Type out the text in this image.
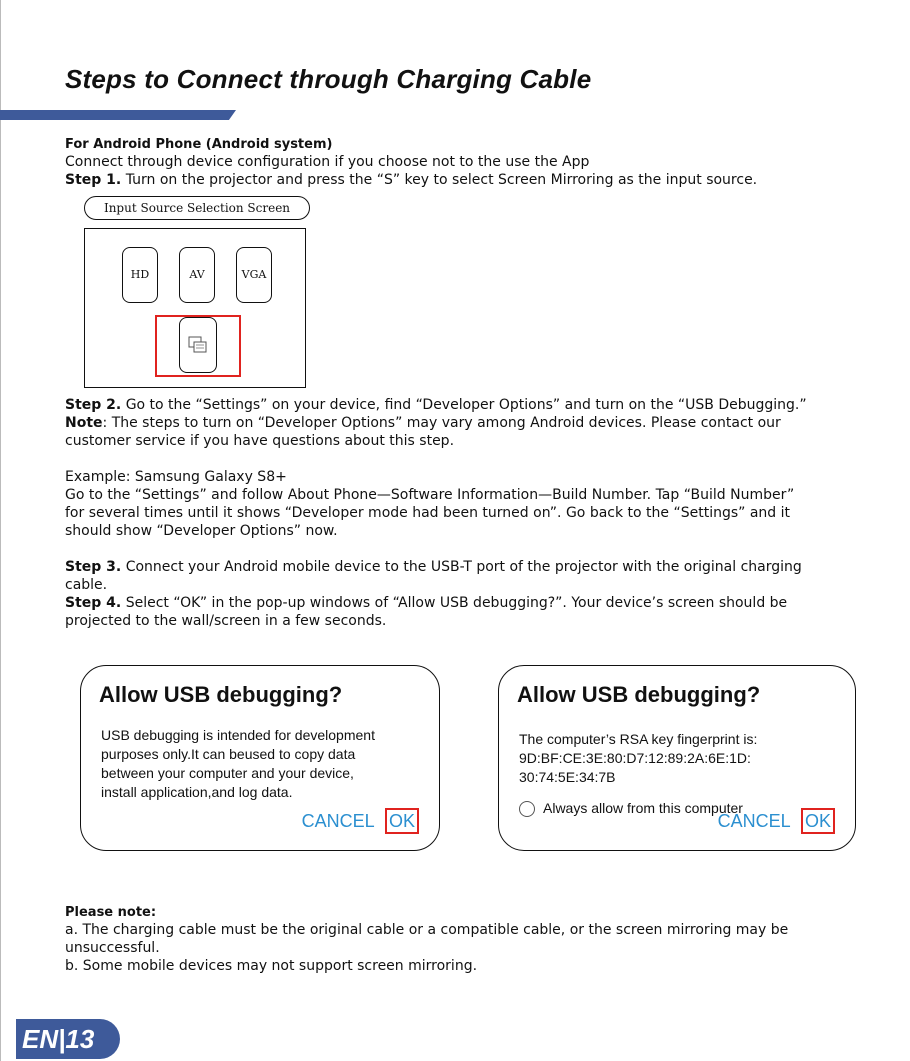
Steps to Connect through Charging Cable
For Android Phone (Android system)
Connect through device configuration if you choose not to the use the App
Step 1. Turn on the projector and press the “S” key to select Screen Mirroring as the input source.
Input Source Selection Screen
HD	AV	VGA
Step 2. Go to the “Settings” on your device, find “Developer Options” and turn on the “USB Debugging.”
Note: The steps to turn on “Developer Options” may vary among Android devices. Please contact our
customer service if you have questions about this step.
Example: Samsung Galaxy S8+
Go to the “Settings” and follow About Phone—Software Information—Build Number. Tap “Build Number”
for several times until it shows “Developer mode had been turned on”. Go back to the “Settings” and it
should show “Developer Options” now.
Step 3. Connect your Android mobile device to the USB-T port of the projector with the original charging
cable.
Step 4. Select “OK” in the pop-up windows of “Allow USB debugging?”. Your device’s screen should be
projected to the wall/screen in a few seconds.
Allow USB debugging?
USB debugging is intended for development
purposes only.It can beused to copy data
between your computer and your device,
install application,and log data.
CANCEL OK
Allow USB debugging?
The computer’s RSA key fingerprint is:
9D:BF:CE:3E:80:D7:12:89:2A:6E:1D:
30:74:5E:34:7B
Always allow from this computer
CANCEL OK
Please note:
a. The charging cable must be the original cable or a compatible cable, or the screen mirroring may be
unsuccessful.
b. Some mobile devices may not support screen mirroring.
EN|13
